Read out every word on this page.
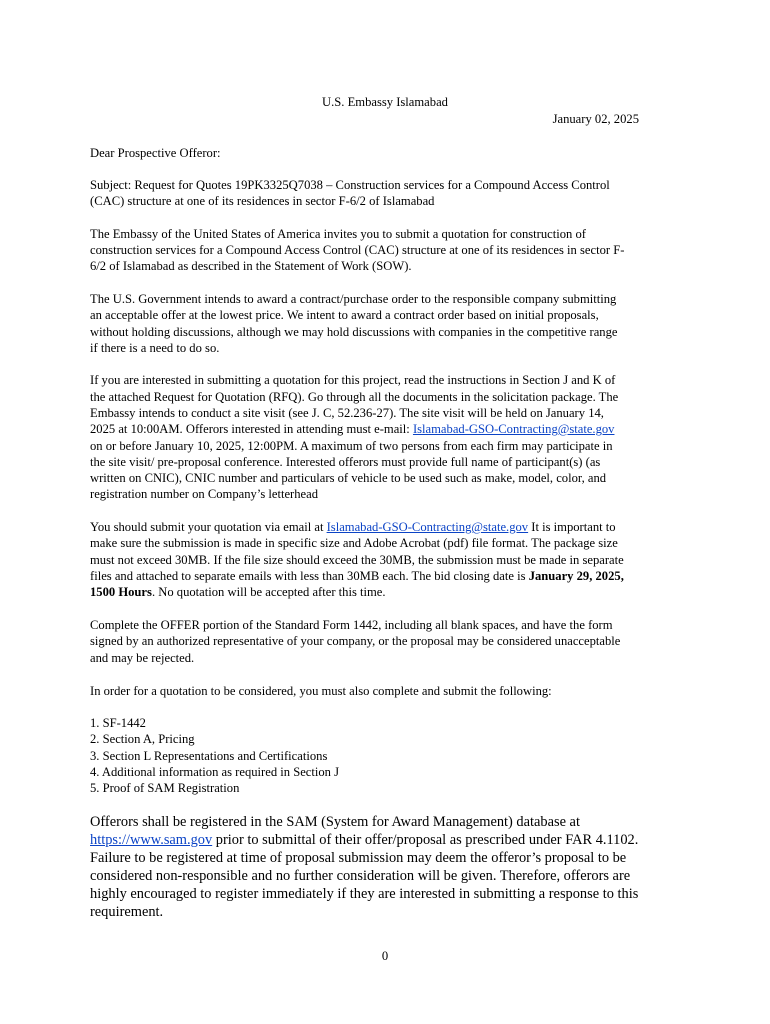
U.S. Embassy Islamabad
January 02, 2025
Dear Prospective Offeror:
Subject: Request for Quotes 19PK3325Q7038 – Construction services for a Compound Access Control
(CAC) structure at one of its residences in sector F-6/2 of Islamabad
The Embassy of the United States of America invites you to submit a quotation for construction of
construction services for a Compound Access Control (CAC) structure at one of its residences in sector F-
6/2 of Islamabad as described in the Statement of Work (SOW).
The U.S. Government intends to award a contract/purchase order to the responsible company submitting
an acceptable offer at the lowest price. We intent to award a contract order based on initial proposals,
without holding discussions, although we may hold discussions with companies in the competitive range
if there is a need to do so.
If you are interested in submitting a quotation for this project, read the instructions in Section J and K of
the attached Request for Quotation (RFQ). Go through all the documents in the solicitation package. The
Embassy intends to conduct a site visit (see J. C, 52.236-27). The site visit will be held on January 14,
2025 at 10:00AM. Offerors interested in attending must e-mail: Islamabad-GSO-Contracting@state.gov
on or before January 10, 2025, 12:00PM. A maximum of two persons from each firm may participate in
the site visit/ pre-proposal conference. Interested offerors must provide full name of participant(s) (as
written on CNIC), CNIC number and particulars of vehicle to be used such as make, model, color, and
registration number on Company’s letterhead
You should submit your quotation via email at Islamabad-GSO-Contracting@state.gov It is important to
make sure the submission is made in specific size and Adobe Acrobat (pdf) file format. The package size
must not exceed 30MB. If the file size should exceed the 30MB, the submission must be made in separate
files and attached to separate emails with less than 30MB each. The bid closing date is January 29, 2025,
1500 Hours. No quotation will be accepted after this time.
Complete the OFFER portion of the Standard Form 1442, including all blank spaces, and have the form
signed by an authorized representative of your company, or the proposal may be considered unacceptable
and may be rejected.
In order for a quotation to be considered, you must also complete and submit the following:
1. SF-1442
2. Section A, Pricing
3. Section L Representations and Certifications
4. Additional information as required in Section J
5. Proof of SAM Registration
Offerors shall be registered in the SAM (System for Award Management) database at
https://www.sam.gov prior to submittal of their offer/proposal as prescribed under FAR 4.1102.
Failure to be registered at time of proposal submission may deem the offeror’s proposal to be
considered non-responsible and no further consideration will be given. Therefore, offerors are
highly encouraged to register immediately if they are interested in submitting a response to this
requirement.
0
